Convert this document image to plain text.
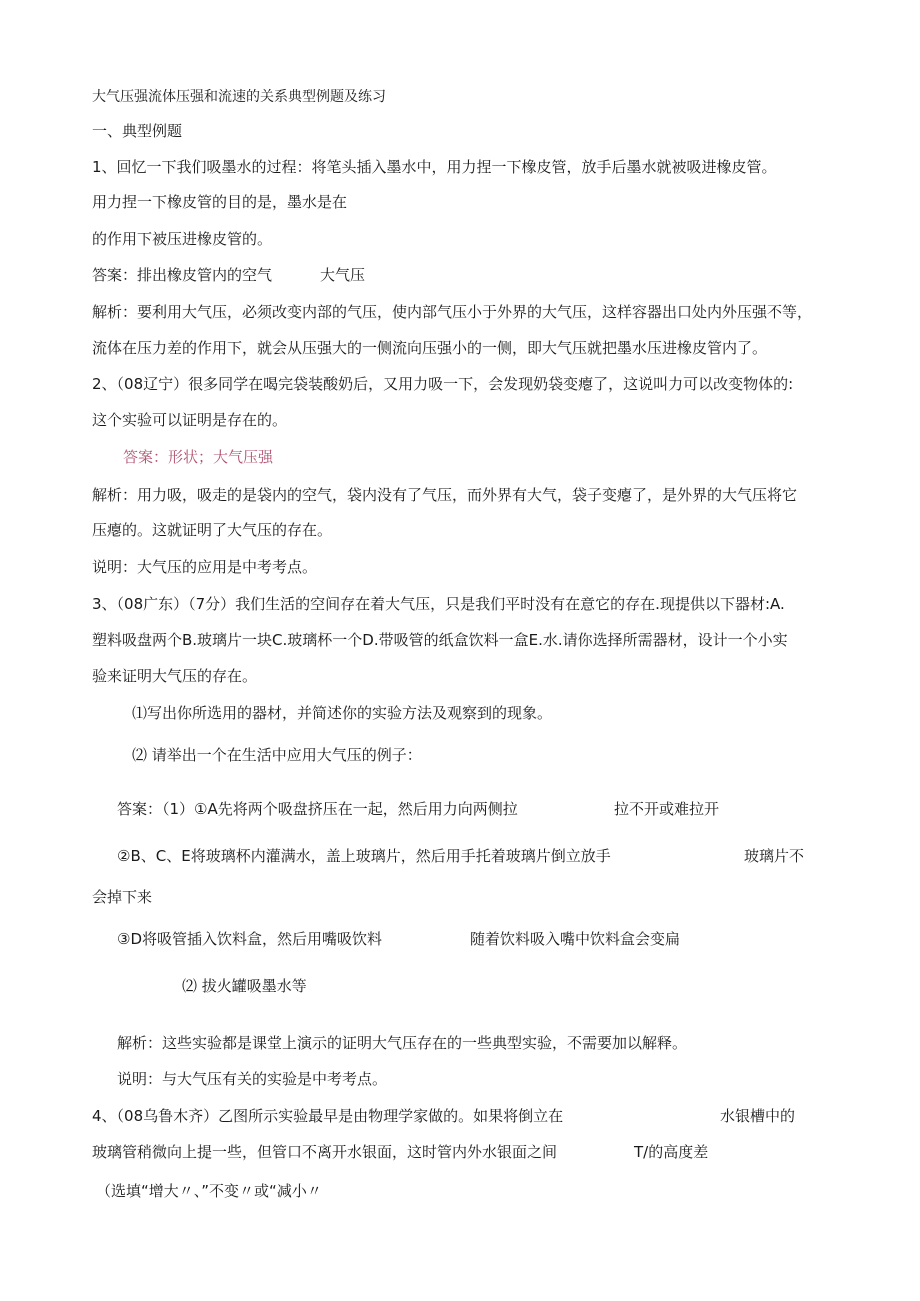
大气压强流体压强和流速的关系典型例题及练习
一、典型例题
1、回忆一下我们吸墨水的过程：将笔头插入墨水中，用力捏一下橡皮管，放手后墨水就被吸进橡皮管。
用力捏一下橡皮管的目的是，墨水是在
的作用下被压进橡皮管的。
答案：排出橡皮管内的空气	大气压
解析：要利用大气压，必须改变内部的气压，使内部气压小于外界的大气压，这样容器出口处内外压强不等，
流体在压力差的作用下，就会从压强大的一侧流向压强小的一侧，即大气压就把墨水压进橡皮管内了。
2、（08辽宁）很多同学在喝完袋装酸奶后，又用力吸一下，会发现奶袋变瘪了，这说叫力可以改变物体的:
这个实验可以证明是存在的。
答案：形状；大气压强
解析：用力吸，吸走的是袋内的空气，袋内没有了气压，而外界有大气，袋子变瘪了，是外界的大气压将它
压瘪的。这就证明了大气压的存在。
说明：大气压的应用是中考考点。
3、（08广东）（7分）我们生活的空间存在着大气压，只是我们平时没有在意它的存在.现提供以下器材:A.
塑料吸盘两个B.玻璃片一块C.玻璃杯一个D.带吸管的纸盒饮料一盒E.水.请你选择所需器材，设计一个小实
验来证明大气压的存在。
⑴写出你所选用的器材，并简述你的实验方法及观察到的现象。
⑵ 请举出一个在生活中应用大气压的例子：
答案：（1）①A先将两个吸盘挤压在一起，然后用力向两侧拉	拉不开或难拉开
②B、C、E将玻璃杯内灌满水，盖上玻璃片，然后用手托着玻璃片倒立放手	玻璃片不
会掉下来
③D将吸管插入饮料盒，然后用嘴吸饮料	随着饮料吸入嘴中饮料盒会变扁
⑵ 拔火罐吸墨水等
解析：这些实验都是课堂上演示的证明大气压存在的一些典型实验，不需要加以解释。
说明：与大气压有关的实验是中考考点。
4、（08乌鲁木齐）乙图所示实验最早是由物理学家做的。如果将倒立在	水银槽中的
玻璃管稍微向上提一些，但管口不离开水银面，这时管内外水银面之间	T/的高度差
（选填“增大〃、”不变〃或“减小〃
